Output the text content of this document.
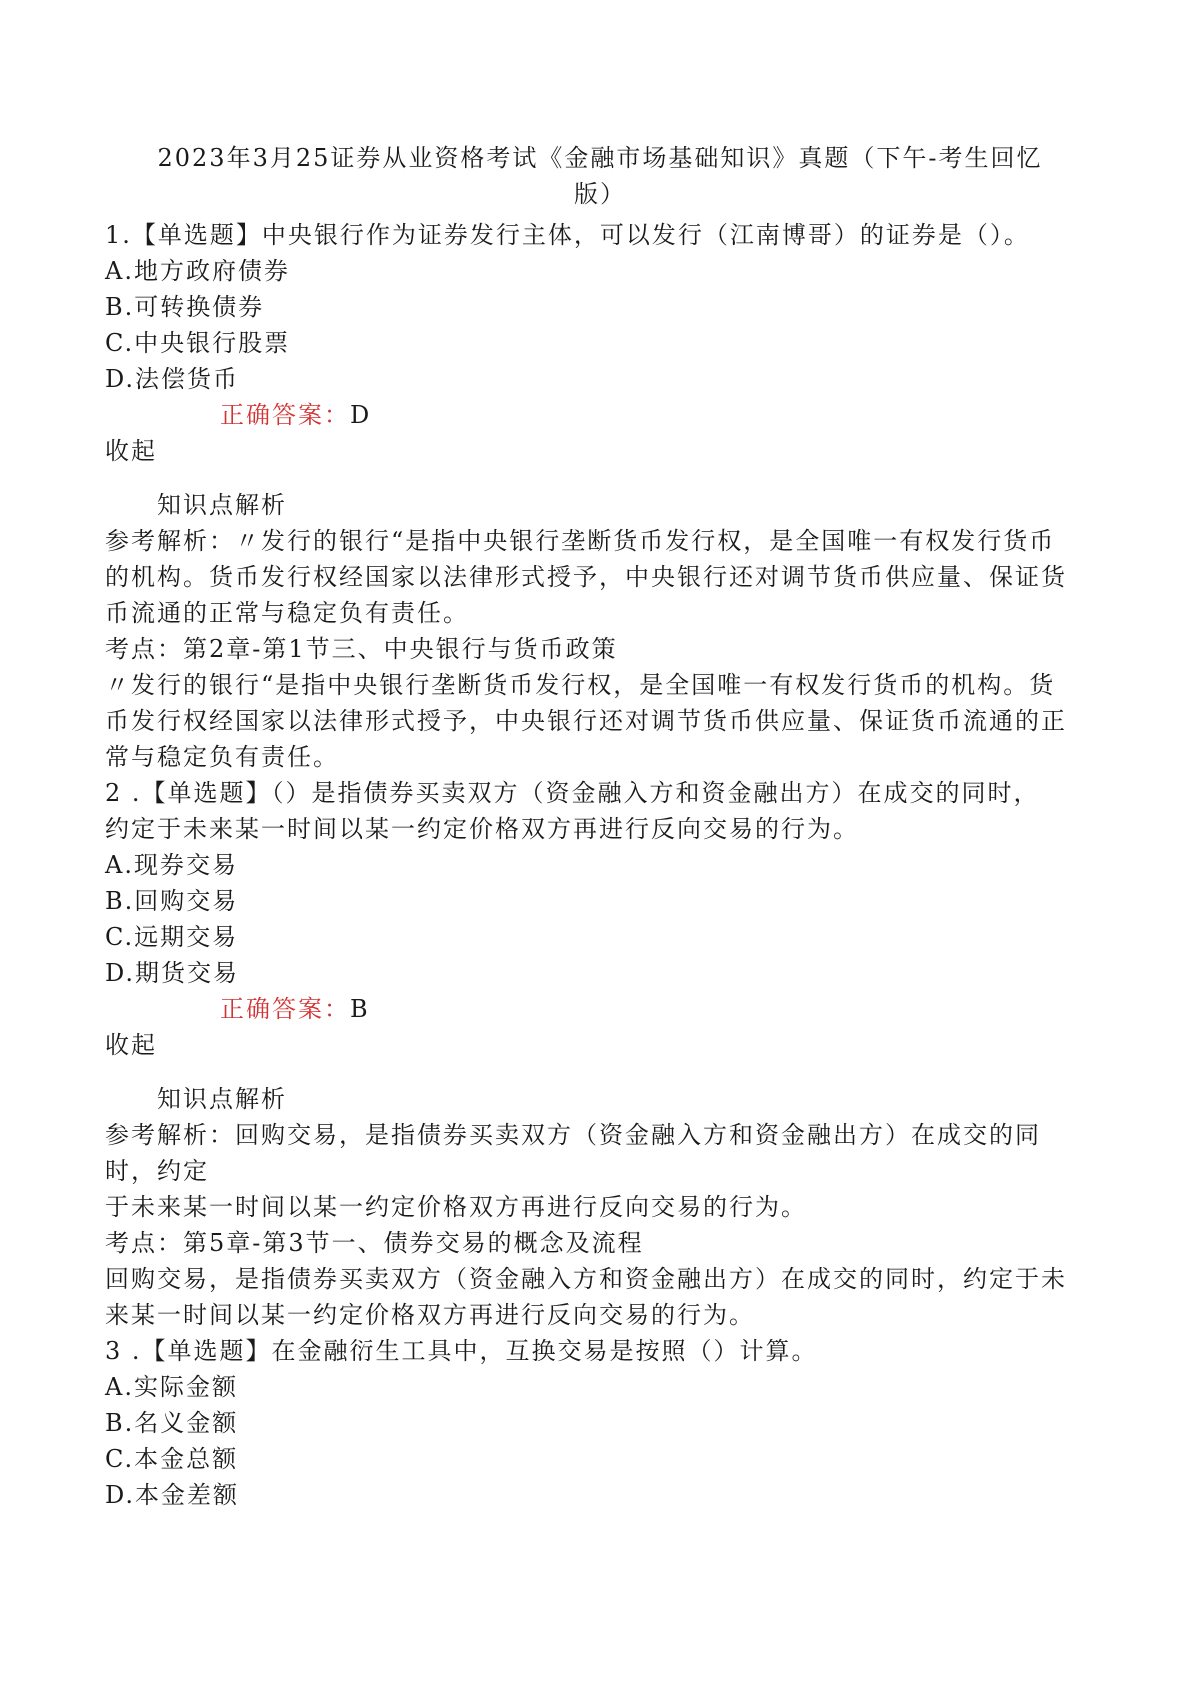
2023年3月25证券从业资格考试《金融市场基础知识》真题（下午-考生回忆
版）
1.【单选题】中央银行作为证券发行主体，可以发行（江南博哥）的证券是（）。
A.地方政府债券
B.可转换债券
C.中央银行股票
D.法偿货币
正确答案：D
收起
知识点解析
参考解析：〃发行的银行“是指中央银行垄断货币发行权，是全国唯一有权发行货币
的机构。货币发行权经国家以法律形式授予，中央银行还对调节货币供应量、保证货
币流通的正常与稳定负有责任。
考点：第2章-第1节三、中央银行与货币政策
〃发行的银行“是指中央银行垄断货币发行权，是全国唯一有权发行货币的机构。货
币发行权经国家以法律形式授予，中央银行还对调节货币供应量、保证货币流通的正
常与稳定负有责任。
2 .【单选题】（）是指债券买卖双方（资金融入方和资金融出方）在成交的同时，
约定于未来某一时间以某一约定价格双方再进行反向交易的行为。
A.现券交易
B.回购交易
C.远期交易
D.期货交易
正确答案：B
收起
知识点解析
参考解析：回购交易，是指债券买卖双方（资金融入方和资金融出方）在成交的同
时，约定
于未来某一时间以某一约定价格双方再进行反向交易的行为。
考点：第5章-第3节一、债券交易的概念及流程
回购交易，是指债券买卖双方（资金融入方和资金融出方）在成交的同时，约定于未
来某一时间以某一约定价格双方再进行反向交易的行为。
3 .【单选题】在金融衍生工具中，互换交易是按照（）计算。
A.实际金额
B.名义金额
C.本金总额
D.本金差额
